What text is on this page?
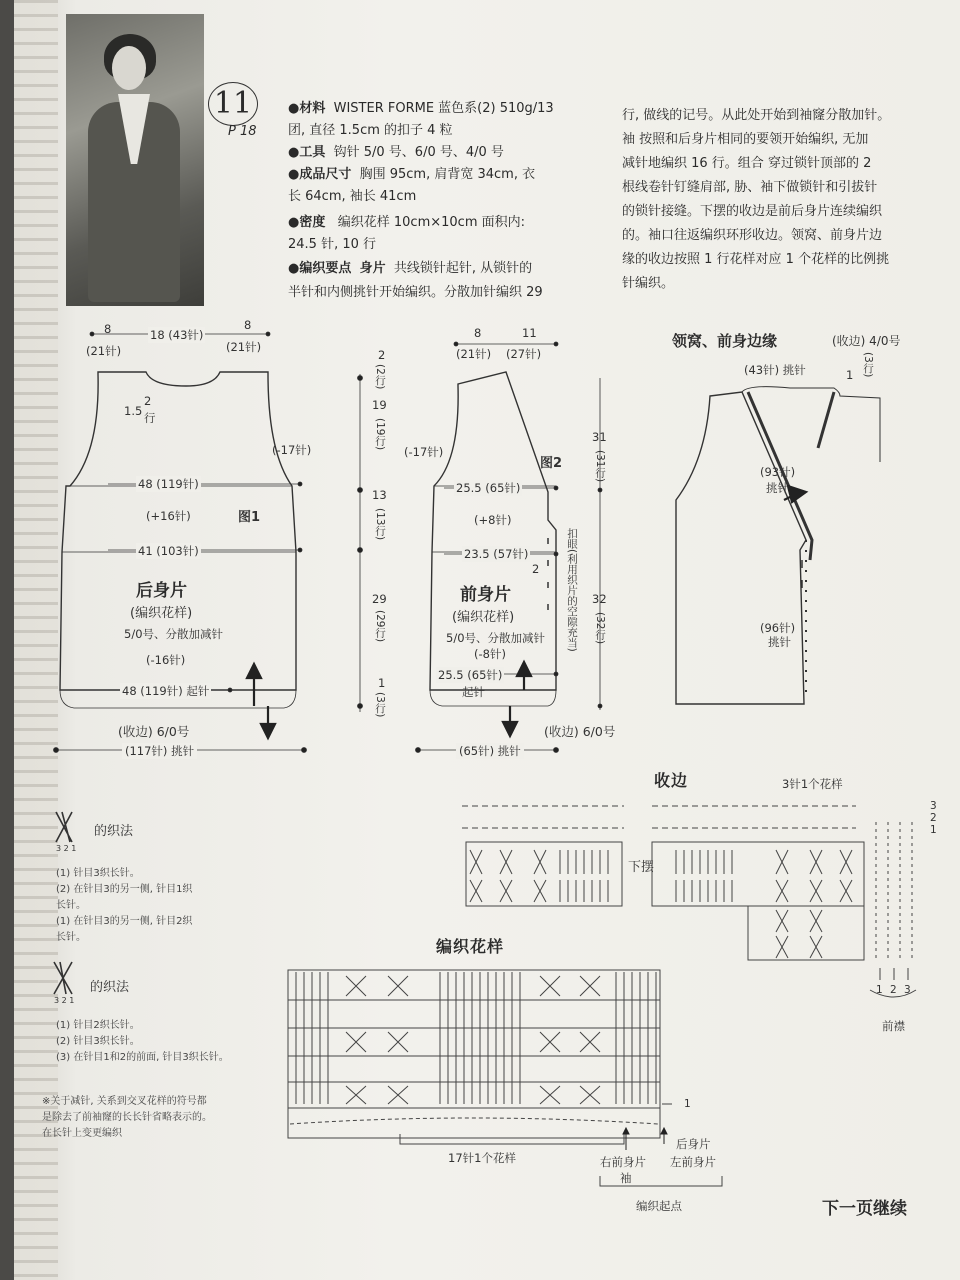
11
P 18
●材料 WISTER FORME 蓝色系(2) 510g/13
团, 直径 1.5cm 的扣子 4 粒
●工具 钩针 5/0 号、6/0 号、4/0 号
●成品尺寸 胸围 95cm, 肩背宽 34cm, 衣
长 64cm, 袖长 41cm
●密度 编织花样 10cm×10cm 面积内:
24.5 针, 10 行
●编织要点 身片 共线锁针起针, 从锁针的
半针和内侧挑针开始编织。分散加针编织 29
行, 做线的记号。从此处开始到袖窿分散加针。
袖 按照和后身片相同的要领开始编织, 无加
减针地编织 16 行。组合 穿过锁针顶部的 2
根线卷针钉缝肩部, 胁、袖下做锁针和引拔针
的锁针接缝。下摆的收边是前后身片连续编织
的。袖口往返编织环形收边。领窝、前身片边
缘的收边按照 1 行花样对应 1 个花样的比例挑
针编织。
8
(21针)
18 (43针)
8
(21针)
1.5
2
行
(-17针)
48 (119针)
(+16针)	图1
41 (103针)
后身片
(编织花样)
5/0号、分散加减针
(-16针)
48 (119针) 起针
(收边) 6/0号
(117针) 挑针
2
(2行)
19
(19行)
13
(13行)
29
(29行)
1
(3行)
8
(21针)
11
(27针)
(-17针)
图2
25.5 (65针)
(+8针)
23.5 (57针)	扣眼(利用织片的空隙充当)
2
前身片
(编织花样)
5/0号、分散加减针
(-8针)
25.5 (65针)
起针
(收边) 6/0号
(65针) 挑针
31
(31行)
32
(32行)
领窝、前身边缘	(收边) 4/0号
(43针) 挑针	1 (3行)
(93针)
挑针
(96针)
挑针
收边	3针1个花样
下摆
3
2
1
1 2 3
前襟
编织花样
1
17针1个花样	右前身片
袖
后身片
左前身片
编织起点
的织法
3 2 1
(1) 针目3织长针。
(2) 在针目3的另一侧, 针目1织
长针。
(1) 在针目3的另一侧, 针目2织
长针。
的织法
3 2 1
(1) 针目2织长针。
(2) 针目3织长针。
(3) 在针目1和2的前面, 针目3织长针。
※关于减针, 关系到交叉花样的符号都
是除去了前袖窿的长长针省略表示的。
在长针上变更编织
下一页继续
